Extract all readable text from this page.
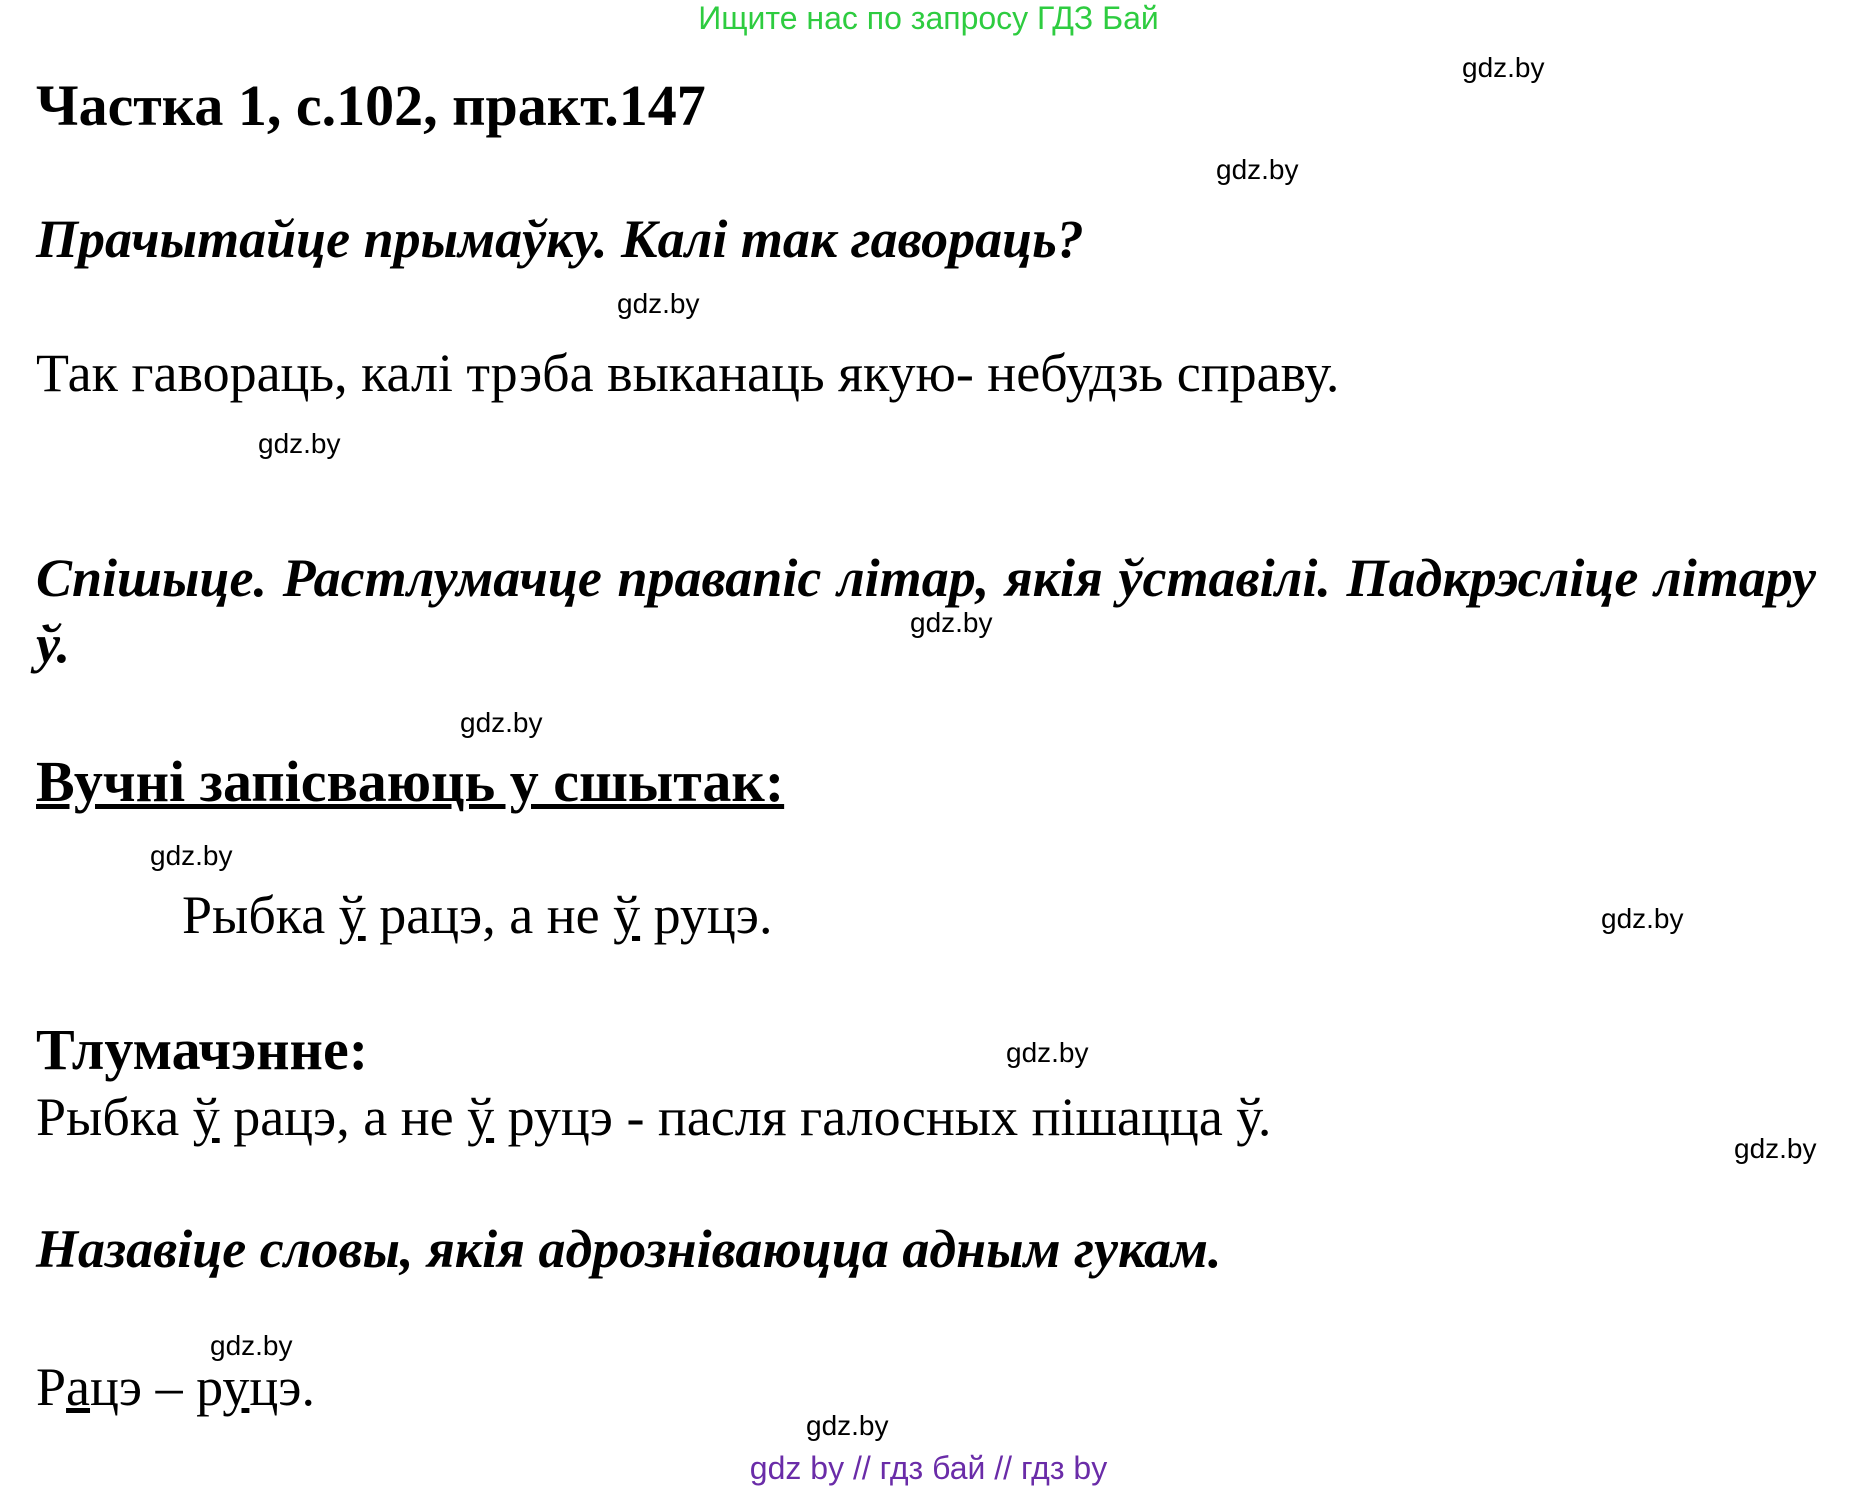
Ищите нас по запросу ГДЗ Бай
gdz.by
gdz.by
gdz.by
gdz.by
gdz.by
gdz.by
gdz.by
gdz.by
gdz.by
gdz.by
gdz.by
gdz.by
Частка 1, с.102, практ.147
Прачытайце прымаўку. Калі так гавораць?
Так гавораць, калі трэба выканаць якую- небудзь справу.
Спішыце. Растлумачце правапіс літар, якія ўставілі. Падкрэсліце літару ў.
Вучні запісваюць у сшытак:
Рыбка ў рацэ, а не ў руцэ.
Тлумачэнне:
Рыбка ў рацэ, а не ў руцэ - пасля галосных пішацца ў.
Назавіце словы, якія адрозніваюцца адным гукам.
Рацэ – руцэ.
gdz by // гдз бай // гдз by
